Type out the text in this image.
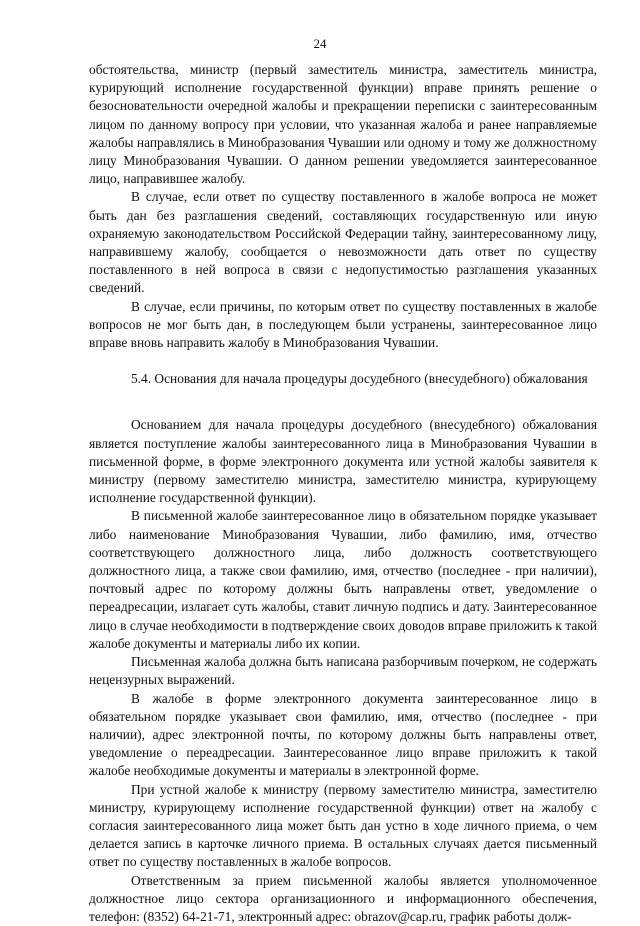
24

обстоятельства, министр (первый заместитель министра, заместитель министра, курирующий исполнение государственной функции) вправе принять решение о безосновательности очередной жалобы и прекращении переписки с заинтересованным лицом по данному вопросу при условии, что указанная жалоба и ранее направляемые жалобы направлялись в Минобразования Чувашии или одному и тому же должностному лицу Минобразования Чувашии. О данном решении уведомляется заинтересованное лицо, направившее жалобу.

В случае, если ответ по существу поставленного в жалобе вопроса не может быть дан без разглашения сведений, составляющих государственную или иную охраняемую законодательством Российской Федерации тайну, заинтересованному лицу, направившему жалобу, сообщается о невозможности дать ответ по существу поставленного в ней вопроса в связи с недопустимостью разглашения указанных сведений.

В случае, если причины, по которым ответ по существу поставленных в жалобе вопросов не мог быть дан, в последующем были устранены, заинтересованное лицо вправе вновь направить жалобу в Минобразования Чувашии.

5.4. Основания для начала процедуры досудебного (внесудебного) обжалования

Основанием для начала процедуры досудебного (внесудебного) обжалования является поступление жалобы заинтересованного лица в Минобразования Чувашии в письменной форме, в форме электронного документа или устной жалобы заявителя к министру (первому заместителю министра, заместителю министра, курирующему исполнение государственной функции).

В письменной жалобе заинтересованное лицо в обязательном порядке указывает либо наименование Минобразования Чувашии, либо фамилию, имя, отчество соответствующего должностного лица, либо должность соответствующего должностного лица, а также свои фамилию, имя, отчество (последнее - при наличии), почтовый адрес по которому должны быть направлены ответ, уведомление о переадресации, излагает суть жалобы, ставит личную подпись и дату. Заинтересованное лицо в случае необходимости в подтверждение своих доводов вправе приложить к такой жалобе документы и материалы либо их копии.

Письменная жалоба должна быть написана разборчивым почерком, не содержать нецензурных выражений.

В жалобе в форме электронного документа заинтересованное лицо в обязательном порядке указывает свои фамилию, имя, отчество (последнее - при наличии), адрес электронной почты, по которому должны быть направлены ответ, уведомление о переадресации. Заинтересованное лицо вправе приложить к такой жалобе необходимые документы и материалы в электронной форме.

При устной жалобе к министру (первому заместителю министра, заместителю министру, курирующему исполнение государственной функции) ответ на жалобу с согласия заинтересованного лица может быть дан устно в ходе личного приема, о чем делается запись в карточке личного приема. В остальных случаях дается письменный ответ по существу поставленных в жалобе вопросов.

Ответственным за прием письменной жалобы является уполномоченное должностное лицо сектора организационного и информационного обеспечения, телефон: (8352) 64-21-71, электронный адрес: obrazov@cap.ru, график работы долж-
